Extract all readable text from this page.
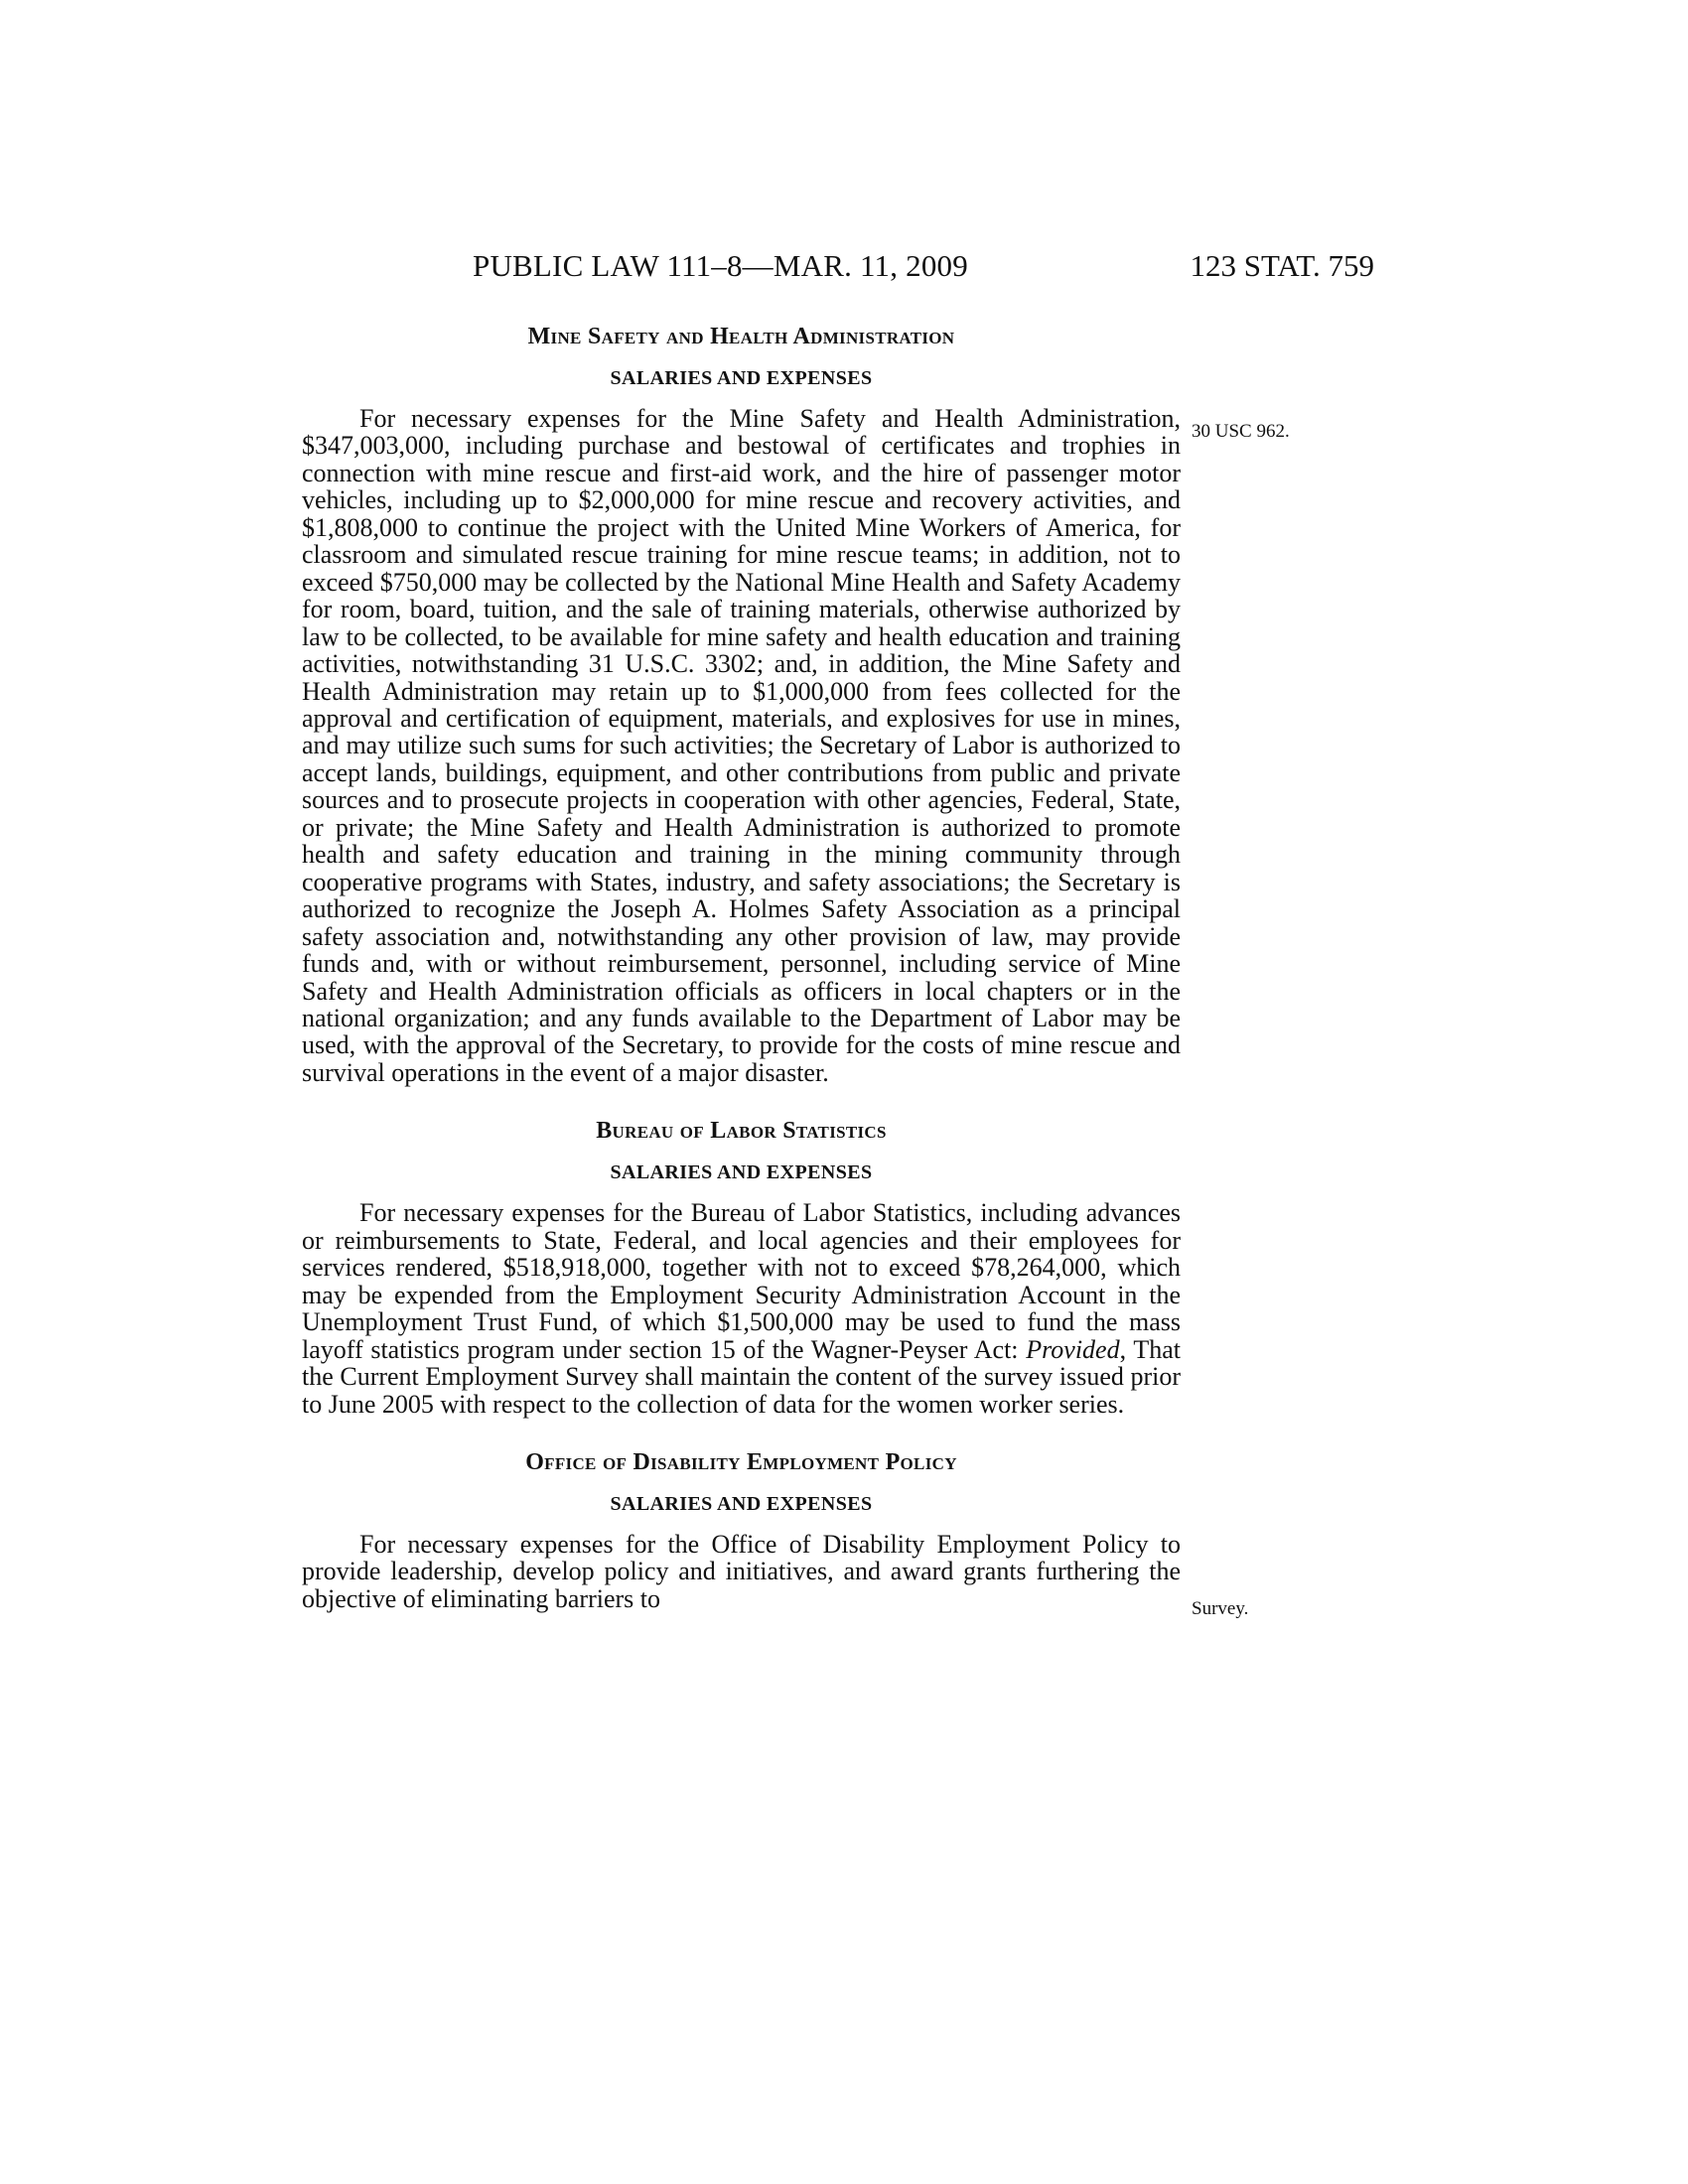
PUBLIC LAW 111–8—MAR. 11, 2009	123 STAT. 759
Mine Safety and Health Administration
SALARIES AND EXPENSES

For necessary expenses for the Mine Safety and Health Administration, $347,003,000, including purchase and bestowal of certificates and trophies in connection with mine rescue and first-aid work, and the hire of passenger motor vehicles, including up to $2,000,000 for mine rescue and recovery activities, and $1,808,000 to continue the project with the United Mine Workers of America, for classroom and simulated rescue training for mine rescue teams; in addition, not to exceed $750,000 may be collected by the National Mine Health and Safety Academy for room, board, tuition, and the sale of training materials, otherwise authorized by law to be collected, to be available for mine safety and health education and training activities, notwithstanding 31 U.S.C. 3302; and, in addition, the Mine Safety and Health Administration may retain up to $1,000,000 from fees collected for the approval and certification of equipment, materials, and explosives for use in mines, and may utilize such sums for such activities; the Secretary of Labor is authorized to accept lands, buildings, equipment, and other contributions from public and private sources and to prosecute projects in cooperation with other agencies, Federal, State, or private; the Mine Safety and Health Administration is authorized to promote health and safety education and training in the mining community through cooperative programs with States, industry, and safety associations; the Secretary is authorized to recognize the Joseph A. Holmes Safety Association as a principal safety association and, notwithstanding any other provision of law, may provide funds and, with or without reimbursement, personnel, including service of Mine Safety and Health Administration officials as officers in local chapters or in the national organization; and any funds available to the Department of Labor may be used, with the approval of the Secretary, to provide for the costs of mine rescue and survival operations in the event of a major disaster.

Bureau of Labor Statistics
SALARIES AND EXPENSES

For necessary expenses for the Bureau of Labor Statistics, including advances or reimbursements to State, Federal, and local agencies and their employees for services rendered, $518,918,000, together with not to exceed $78,264,000, which may be expended from the Employment Security Administration Account in the Unemployment Trust Fund, of which $1,500,000 may be used to fund the mass layoff statistics program under section 15 of the Wagner-Peyser Act: Provided, That the Current Employment Survey shall maintain the content of the survey issued prior to June 2005 with respect to the collection of data for the women worker series.

Office of Disability Employment Policy
SALARIES AND EXPENSES

For necessary expenses for the Office of Disability Employment Policy to provide leadership, develop policy and initiatives, and award grants furthering the objective of eliminating barriers to

30 USC 962.
Survey.
